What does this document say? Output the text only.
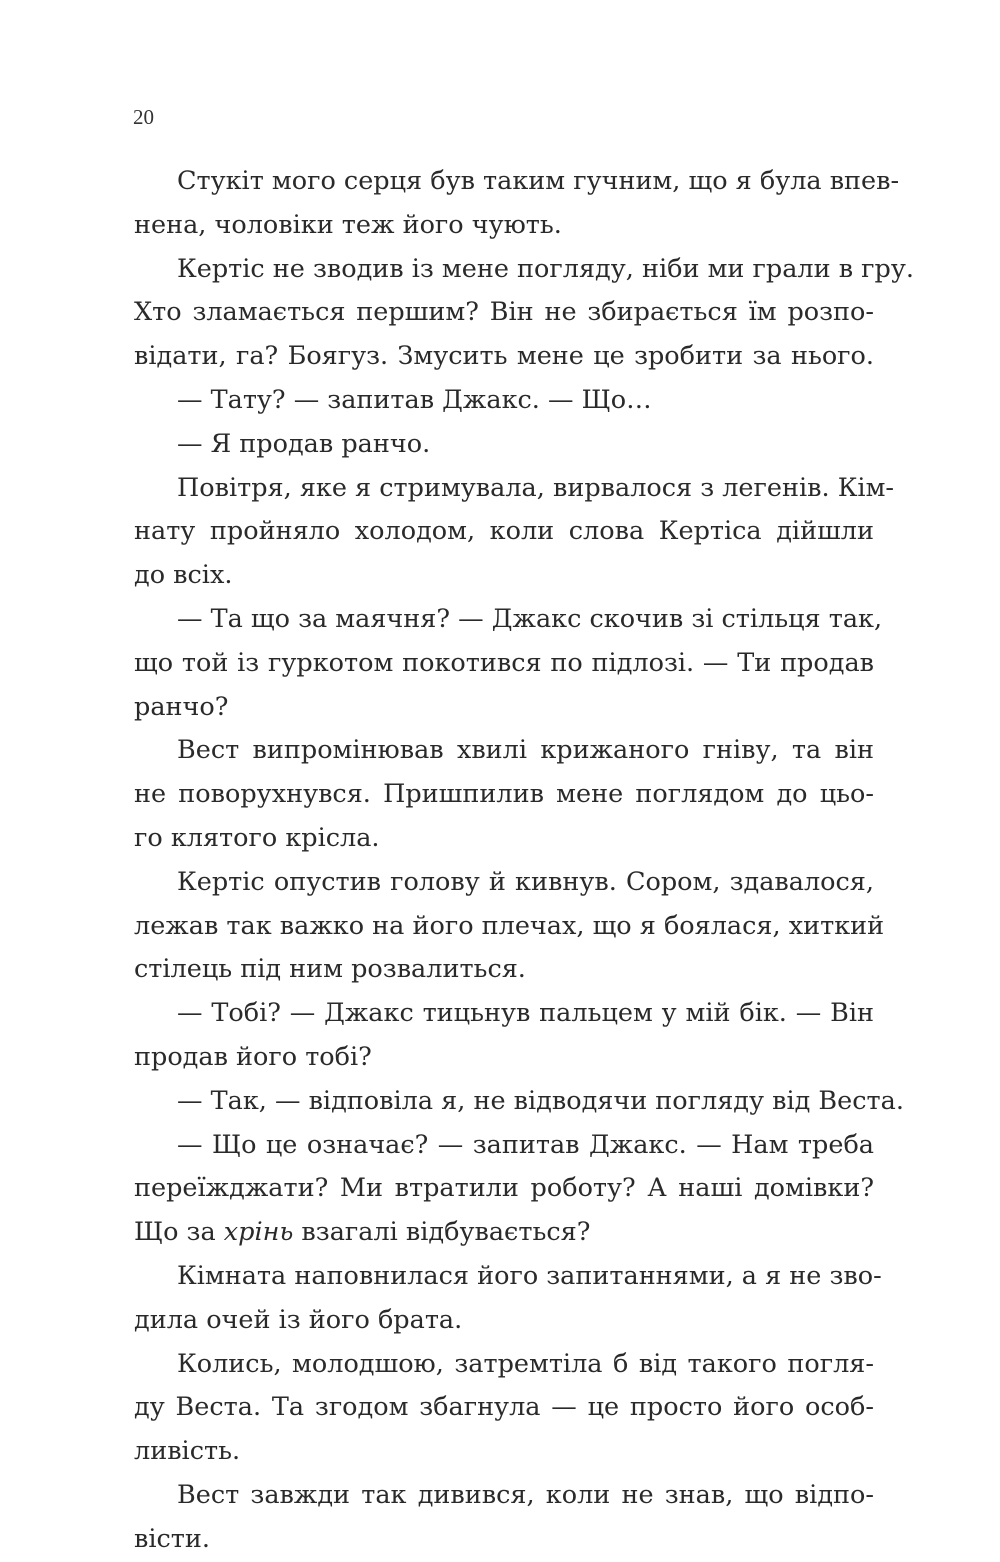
20
Стукіт мого серця був таким гучним, що я була впев-
нена, чоловіки теж його чують.
Кертіс не зводив із мене погляду, ніби ми грали в гру.
Хто зламається першим? Він не збирається їм розпо-
відати, га? Боягуз. Змусить мене це зробити за нього.
— Тату? — запитав Джакс. — Що…
— Я продав ранчо.
Повітря, яке я стримувала, вирвалося з легенів. Кім-
нату пройняло холодом, коли слова Кертіса дійшли
до всіх.
— Та що за маячня? — Джакс скочив зі стільця так,
що той із гуркотом покотився по підлозі. — Ти продав
ранчо?
Вест випромінював хвилі крижаного гніву, та він
не поворухнувся. Пришпилив мене поглядом до цьо-
го клятого крісла.
Кертіс опустив голову й кивнув. Сором, здавалося,
лежав так важко на його плечах, що я боялася, хиткий
стілець під ним розвалиться.
— Тобі? — Джакс тицьнув пальцем у мій бік. — Він
продав його тобі?
— Так, — відповіла я, не відводячи погляду від Веста.
— Що це означає? — запитав Джакс. — Нам треба
переїжджати? Ми втратили роботу? А наші домівки?
Що за хрінь взагалі відбувається?
Кімната наповнилася його запитаннями, а я не зво-
дила очей із його брата.
Колись, молодшою, затремтіла б від такого погля-
ду Веста. Та згодом збагнула — це просто його особ-
ливість.
Вест завжди так дивився, коли не знав, що відпо-
вісти.
